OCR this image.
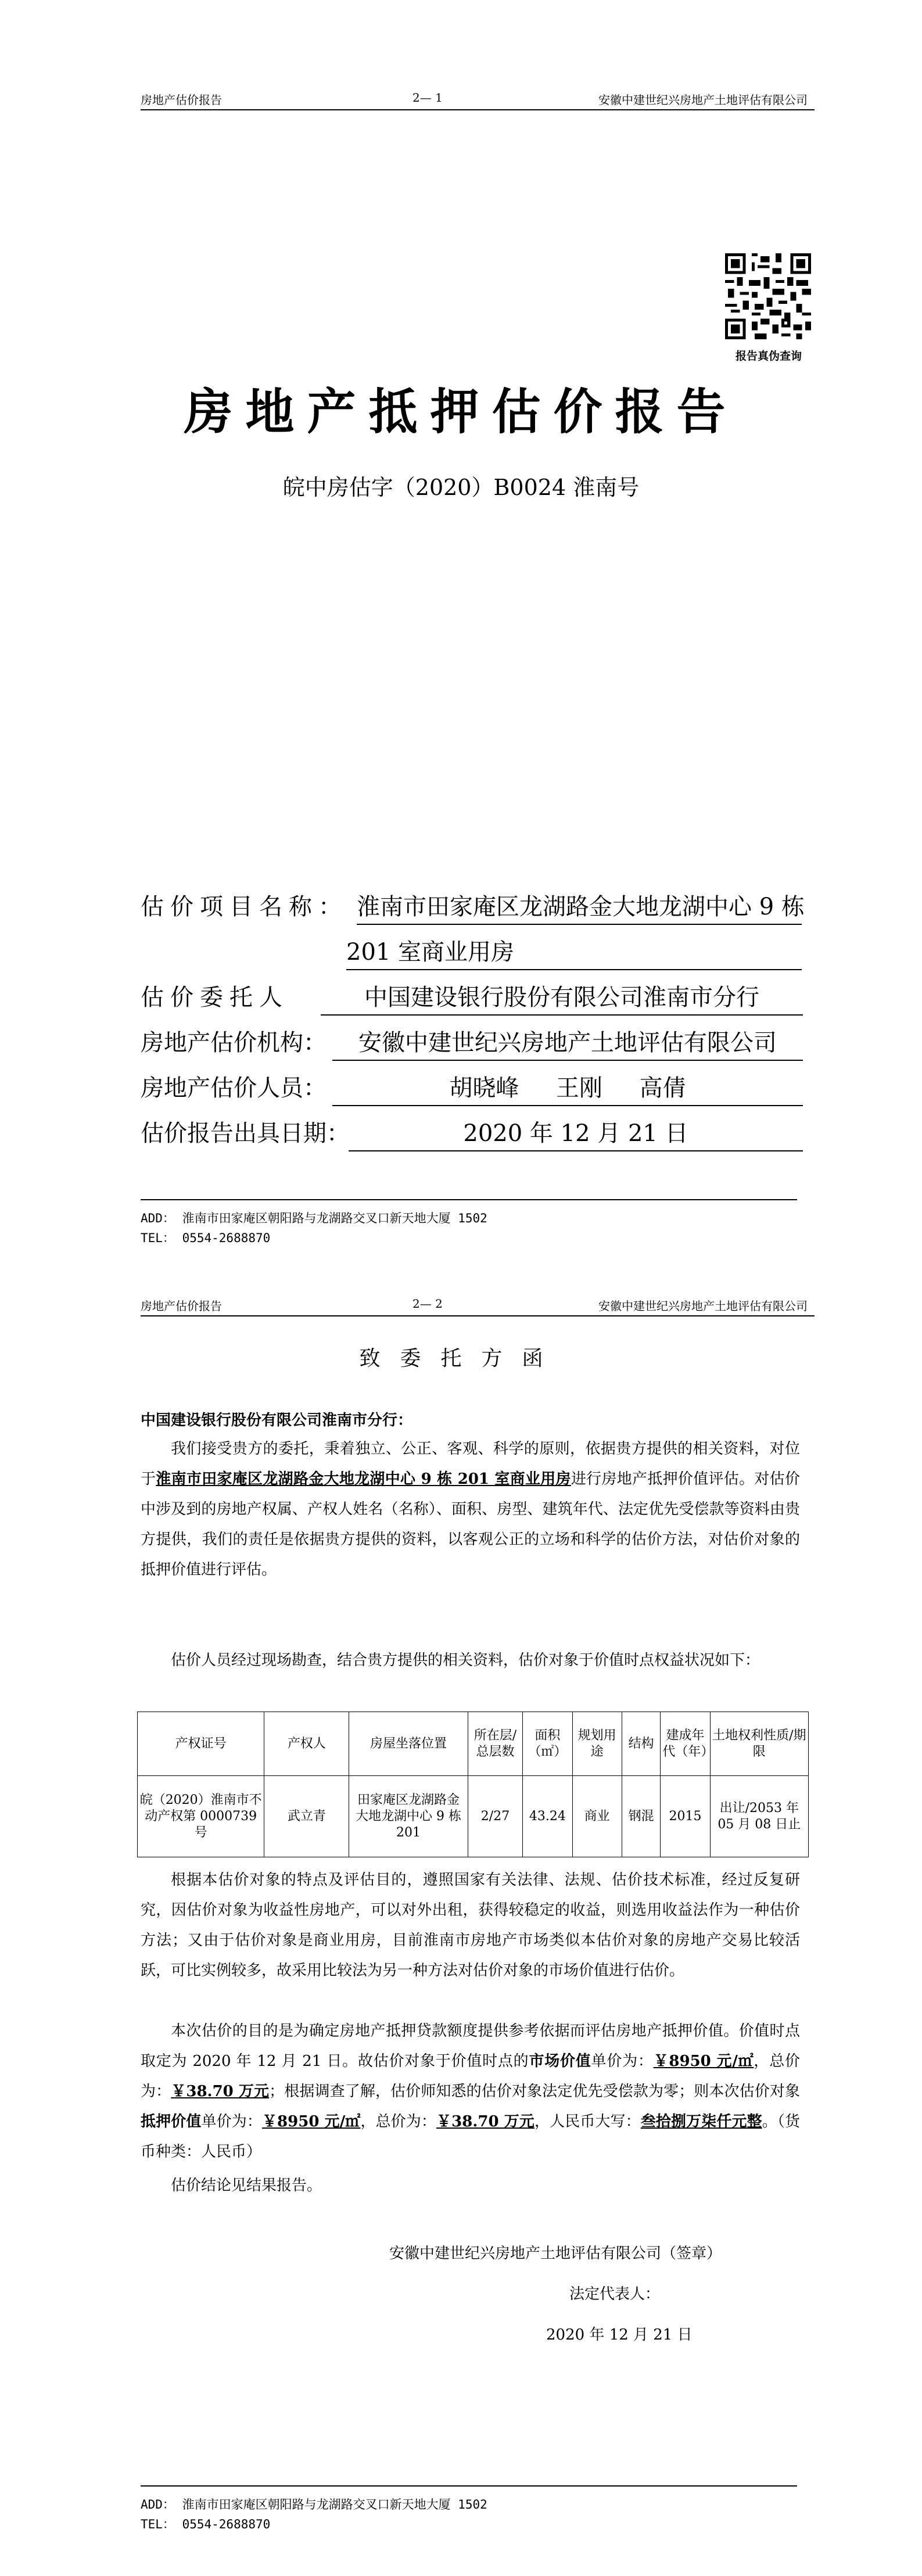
房地产估价报告	2— 1	安徽中建世纪兴房地产土地评估有限公司
报告真伪查询
房地产抵押估价报告
皖中房估字（2020）B0024 淮南号
估价项目名称： 淮南市田家庵区龙湖路金大地龙湖中心 9 栋
201 室商业用房
估价委托人	中国建设银行股份有限公司淮南市分行
房地产估价机构：	安徽中建世纪兴房地产土地评估有限公司
房地产估价人员：	胡晓峰     王刚     高倩
估价报告出具日期：	2020 年 12 月 21 日
ADD： 淮南市田家庵区朝阳路与龙湖路交叉口新天地大厦 1502
TEL： 0554-2688870
房地产估价报告	2— 2	安徽中建世纪兴房地产土地评估有限公司
致委托方函
中国建设银行股份有限公司淮南市分行：
我们接受贵方的委托，秉着独立、公正、客观、科学的原则，依据贵方提供的相关资料，对位于淮南市田家庵区龙湖路金大地龙湖中心 9 栋 201 室商业用房进行房地产抵押价值评估。对估价中涉及到的房地产权属、产权人姓名（名称）、面积、房型、建筑年代、法定优先受偿款等资料由贵方提供，我们的责任是依据贵方提供的资料，以客观公正的立场和科学的估价方法，对估价对象的抵押价值进行评估。
估价人员经过现场勘查，结合贵方提供的相关资料，估价对象于价值时点权益状况如下：
产权证号	产权人	房屋坐落位置	所在层/总层数	面积（㎡）	规划用途	结构	建成年代（年）	土地权利性质/期限
皖（2020）淮南市不动产权第 0000739 号	武立青	田家庵区龙湖路金大地龙湖中心 9 栋 201	2/27	43.24	商业	钢混	2015	出让/2053 年 05 月 08 日止
根据本估价对象的特点及评估目的，遵照国家有关法律、法规、估价技术标准，经过反复研究，因估价对象为收益性房地产，可以对外出租，获得较稳定的收益，则选用收益法作为一种估价方法；又由于估价对象是商业用房，目前淮南市房地产市场类似本估价对象的房地产交易比较活跃，可比实例较多，故采用比较法为另一种方法对估价对象的市场价值进行估价。
本次估价的目的是为确定房地产抵押贷款额度提供参考依据而评估房地产抵押价值。价值时点取定为 2020 年 12 月 21 日。故估价对象于价值时点的市场价值单价为：￥8950 元/㎡，总价为：￥38.70 万元；根据调查了解，估价师知悉的估价对象法定优先受偿款为零；则本次估价对象抵押价值单价为：￥8950 元/㎡，总价为：￥38.70 万元，人民币大写：叁拾捌万柒仟元整。（货币种类：人民币）
估价结论见结果报告。
安徽中建世纪兴房地产土地评估有限公司（签章）
法定代表人：
2020 年 12 月 21 日
ADD： 淮南市田家庵区朝阳路与龙湖路交叉口新天地大厦 1502
TEL： 0554-2688870
